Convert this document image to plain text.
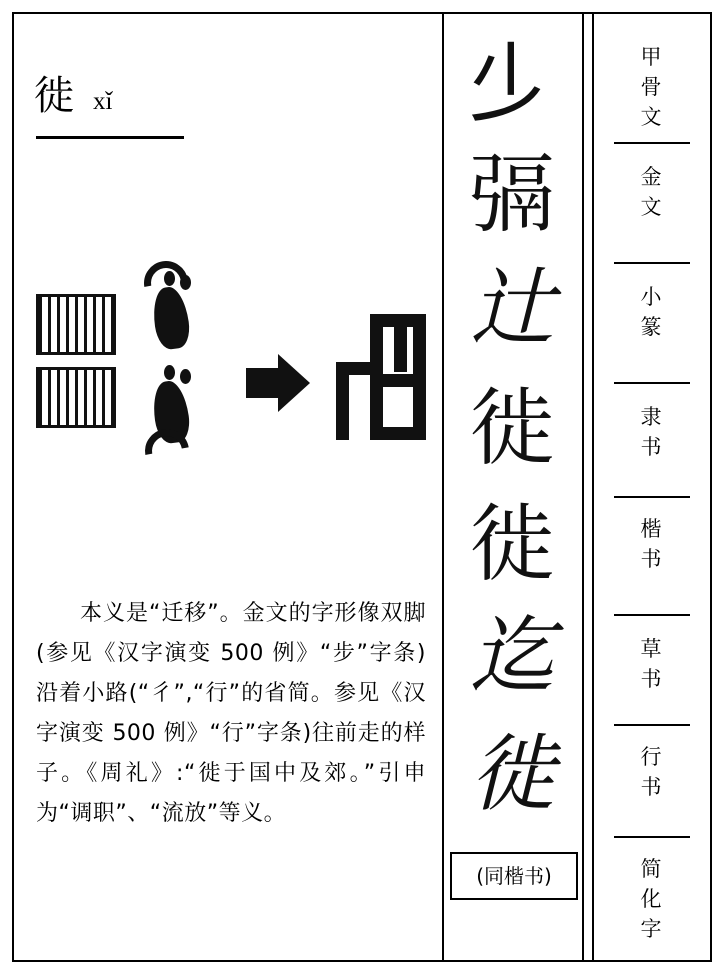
徙 xǐ
本义是“迁移”。金文的字形像双脚(参见《汉字演变 500 例》“步”字条)沿着小路(“彳”,“行”的省简。参见《汉字演变 500 例》“行”字条)往前走的样子。《周礼》:“徙于国中及郊。”引申为“调职”、“流放”等义。
𣥂
㣂
辻
徙
徙
迄
徙
(同楷书)
甲
骨
文
金
文
小
篆
隶
书
楷
书
草
书
行
书
简
化
字
